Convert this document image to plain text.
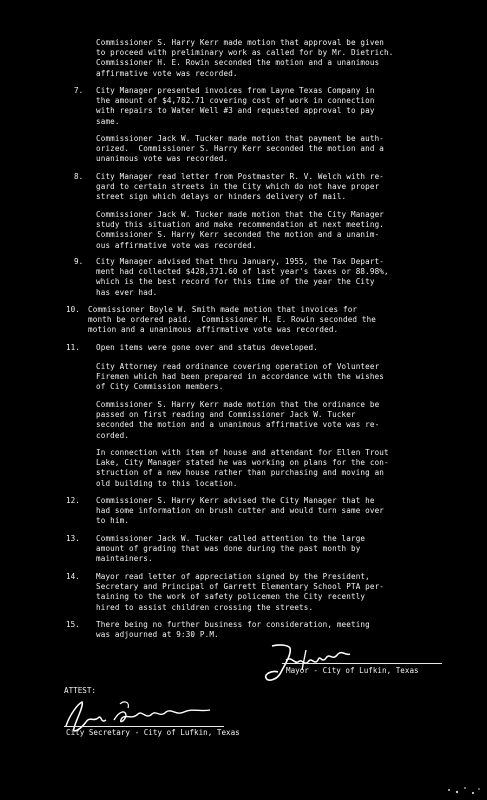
Commissioner S. Harry Kerr made motion that approval be given
to proceed with preliminary work as called for by Mr. Dietrich.
Commissioner H. E. Rowin seconded the motion and a unanimous
affirmative vote was recorded.
7. City Manager presented invoices from Layne Texas Company in
the amount of $4,782.71 covering cost of work in connection
with repairs to Water Well #3 and requested approval to pay
same.
Commissioner Jack W. Tucker made motion that payment be auth-
orized.  Commissioner S. Harry Kerr seconded the motion and a
unanimous vote was recorded.
8. City Manager read letter from Postmaster R. V. Welch with re-
gard to certain streets in the City which do not have proper
street sign which delays or hinders delivery of mail.
Commissioner Jack W. Tucker made motion that the City Manager
study this situation and make recommendation at next meeting.
Commissioner S. Harry Kerr seconded the motion and a unanim-
ous affirmative vote was recorded.
9. City Manager advised that thru January, 1955, the Tax Depart-
ment had collected $428,371.60 of last year's taxes or 88.98%,
which is the best record for this time of the year the City
has ever had.
10. Commissioner Boyle W. Smith made motion that invoices for
month be ordered paid.  Commissioner H. E. Rowin seconded the
motion and a unanimous affirmative vote was recorded.
11. Open items were gone over and status developed.
City Attorney read ordinance covering operation of Volunteer
Firemen which had been prepared in accordance with the wishes
of City Commission members.
Commissioner S. Harry Kerr made motion that the ordinance be
passed on first reading and Commissioner Jack W. Tucker
seconded the motion and a unanimous affirmative vote was re-
corded.
In connection with item of house and attendant for Ellen Trout
Lake, City Manager stated he was working on plans for the con-
struction of a new house rather than purchasing and moving an
old building to this location.
12. Commissioner S. Harry Kerr advised the City Manager that he
had some information on brush cutter and would turn same over
to him.
13. Commissioner Jack W. Tucker called attention to the large
amount of grading that was done during the past month by
maintainers.
14. Mayor read letter of appreciation signed by the President,
Secretary and Principal of Garrett Elementary School PTA per-
taining to the work of safety policemen the City recently
hired to assist children crossing the streets.
15. There being no further business for consideration, meeting
was adjourned at 9:30 P.M.
Mayor - City of Lufkin, Texas
ATTEST:
City Secretary - City of Lufkin, Texas
